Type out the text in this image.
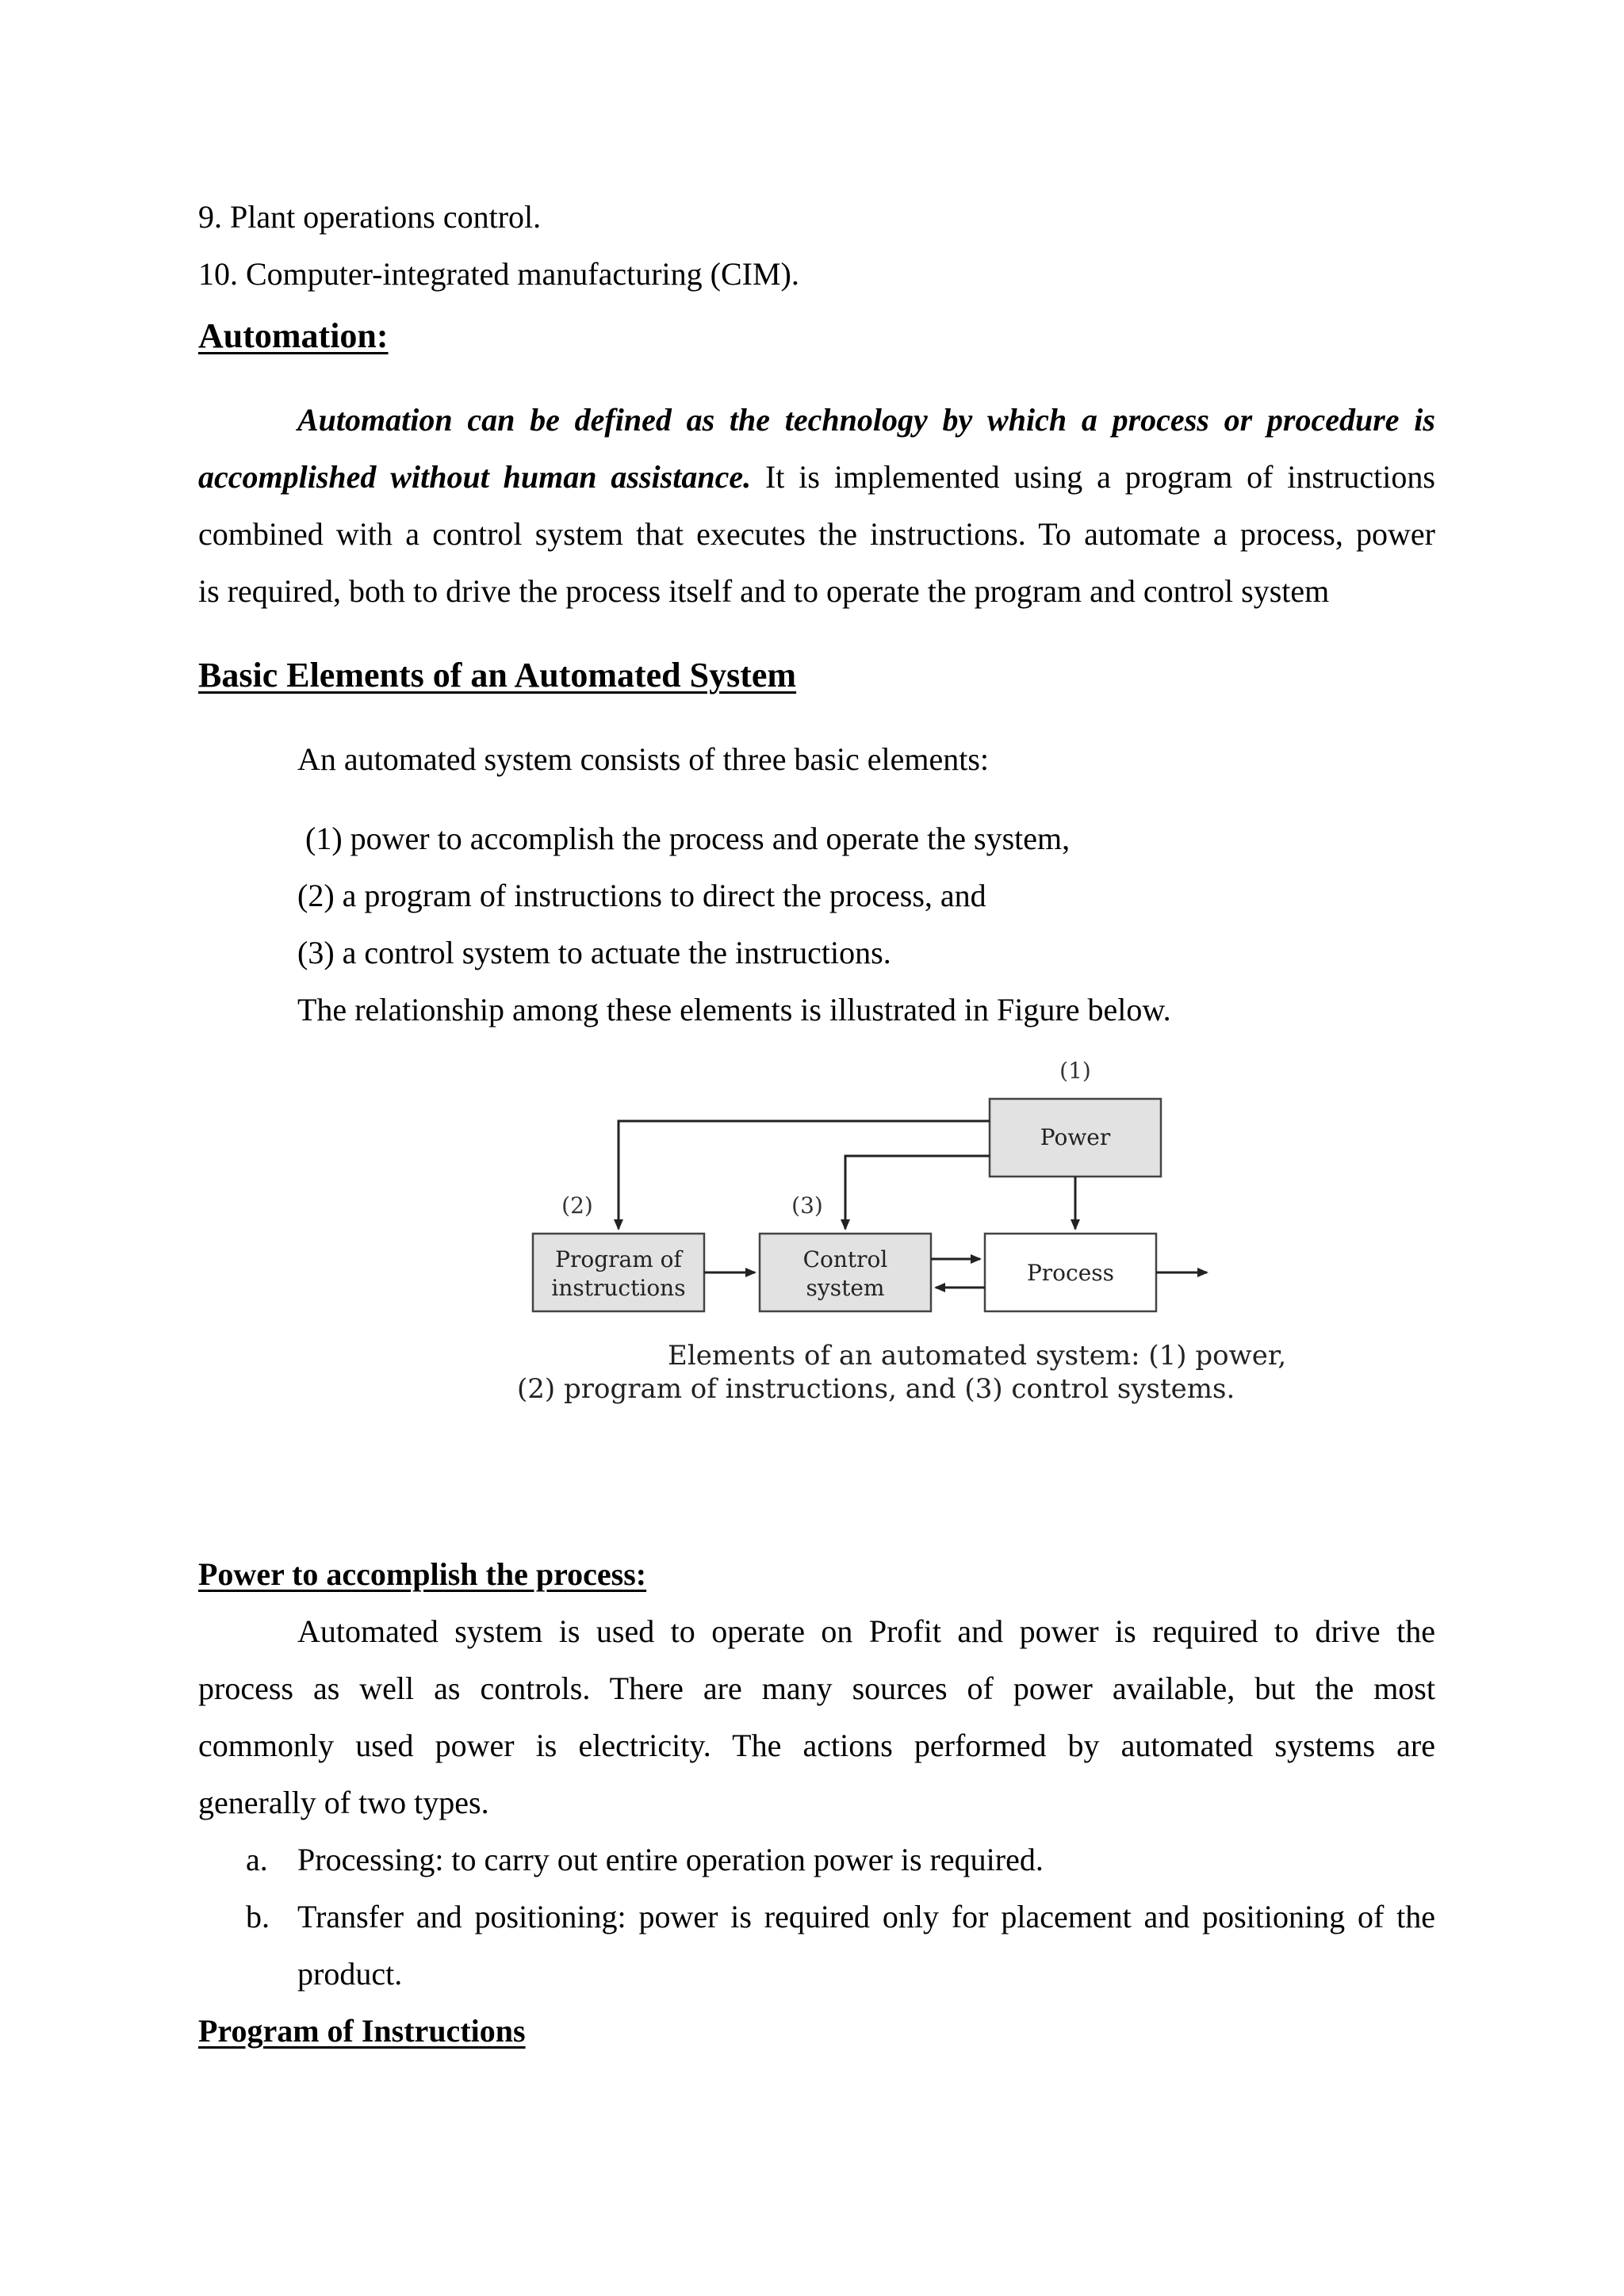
9. Plant operations control.
10. Computer-integrated manufacturing (CIM).
Automation:
Automation can be defined as the technology by which a process or procedure is
accomplished without human assistance. It is implemented using a program of instructions
combined with a control system that executes the instructions. To automate a process, power
is required, both to drive the process itself and to operate the program and control system
Basic Elements of an Automated System
An automated system consists of three basic elements:
(1) power to accomplish the process and operate the system,
(2) a program of instructions to direct the process, and
(3) a control system to actuate the instructions.
The relationship among these elements is illustrated in Figure below.
(1)
(2)	(3)
Power
Program of
instructions
Control
system
Process
Elements of an automated system: (1) power,
(2) program of instructions, and (3) control systems.
Power to accomplish the process:
Automated system is used to operate on Profit and power is required to drive the
process as well as controls. There are many sources of power available, but the most
commonly used power is electricity. The actions performed by automated systems are
generally of two types.
a. Processing: to carry out entire operation power is required.
b. Transfer and positioning: power is required only for placement and positioning of the
product.
Program of Instructions
